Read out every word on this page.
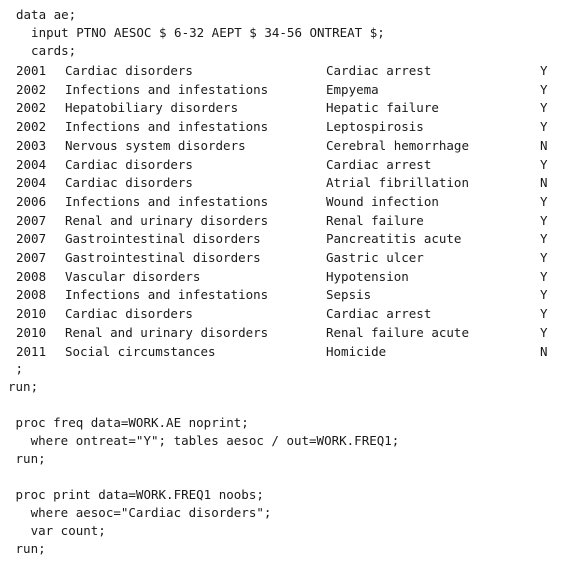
data ae;
input PTNO AESOC $ 6-32 AEPT $ 34-56 ONTREAT $;
cards;
2001 Cardiac disorders	Cardiac arrest	Y
2002 Infections and infestations	Empyema	Y
2002 Hepatobiliary disorders	Hepatic failure	Y
2002 Infections and infestations	Leptospirosis	Y
2003 Nervous system disorders	Cerebral hemorrhage	N
2004 Cardiac disorders	Cardiac arrest	Y
2004 Cardiac disorders	Atrial fibrillation	N
2006 Infections and infestations	Wound infection	Y
2007 Renal and urinary disorders	Renal failure	Y
2007 Gastrointestinal disorders	Pancreatitis acute	Y
2007 Gastrointestinal disorders	Gastric ulcer	Y
2008 Vascular disorders	Hypotension	Y
2008 Infections and infestations	Sepsis	Y
2010 Cardiac disorders	Cardiac arrest	Y
2010 Renal and urinary disorders	Renal failure acute	Y
2011 Social circumstances	Homicide	N
;
run;
proc freq data=WORK.AE noprint;
where ontreat="Y"; tables aesoc / out=WORK.FREQ1;
run;
proc print data=WORK.FREQ1 noobs;
where aesoc="Cardiac disorders";
var count;
run;
